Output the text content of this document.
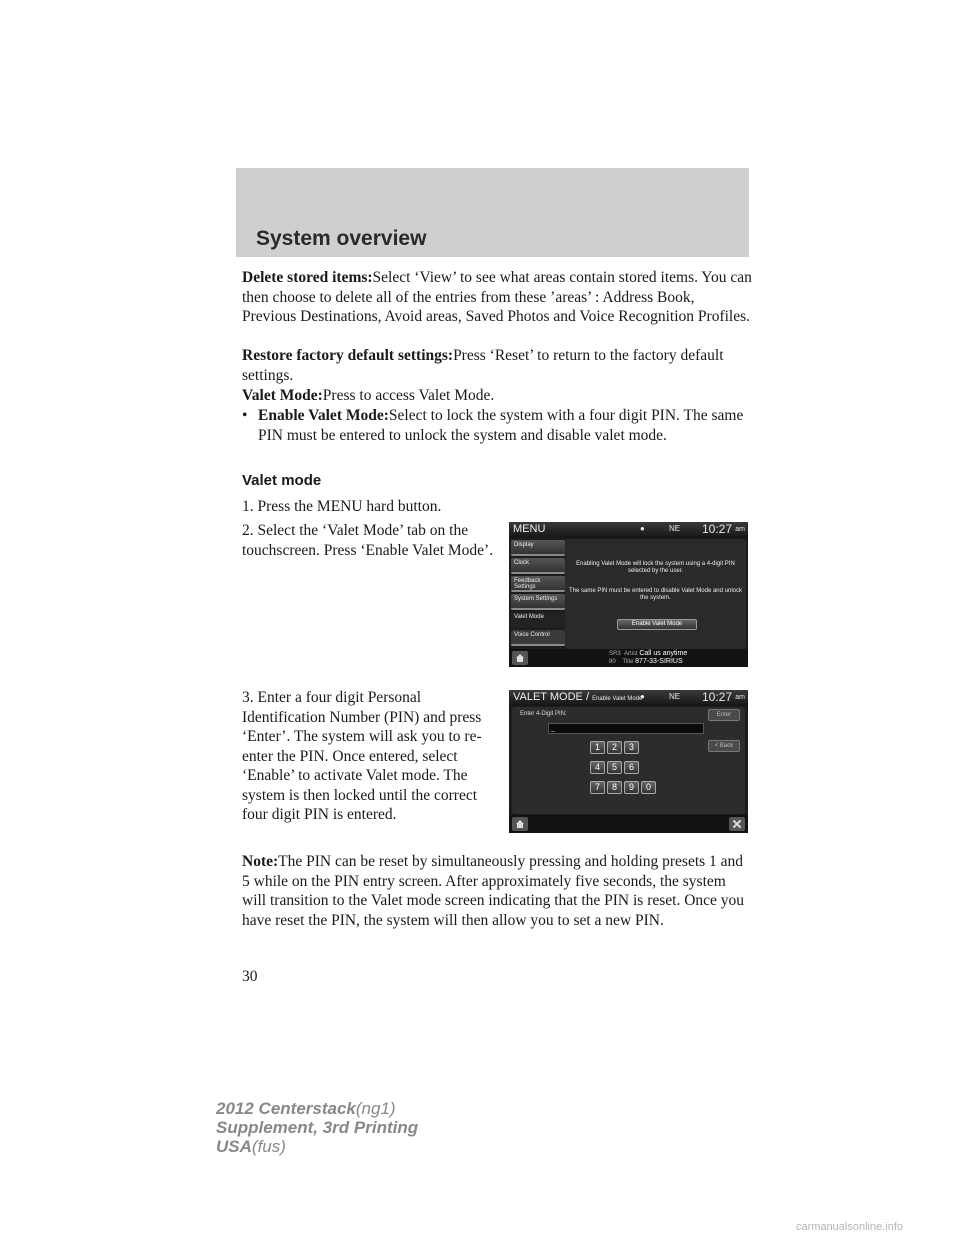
System overview
Delete stored items:Select ‘View’ to see what areas contain stored items. You can then choose to delete all of the entries from these ’areas’ : Address Book, Previous Destinations, Avoid areas, Saved Photos and Voice Recognition Profiles.
Restore factory default settings:Press ‘Reset’ to return to the factory default settings.
Valet Mode:Press to access Valet Mode.
• Enable Valet Mode:Select to lock the system with a four digit PIN. The same PIN must be entered to unlock the system and disable valet mode.
Valet mode
1. Press the MENU hard button.
2. Select the ‘Valet Mode’ tab on the touchscreen. Press ‘Enable Valet Mode’.
3. Enter a four digit Personal Identification Number (PIN) and press ‘Enter’. The system will ask you to re-enter the PIN. Once entered, select ‘Enable’ to activate Valet mode. The system is then locked until the correct four digit PIN is entered.
MENU	●	NE 10:27 am
Display
Clock
Feedback Settings
System Settings
Valet Mode
Voice Control
Enabling Valet Mode will lock the system using a 4-digit PIN selected by the user.
The same PIN must be entered to disable Valet Mode and unlock the system.
Enable Valet Mode
SR3 Artist Call us anytime
80 Title 877-33-SIRIUS
VALET MODE / Enable Valet Mode
●	NE 10:27 am
Enter 4-Digit PIN:
_
Enter
< Back
1	2	3
4	5	6
7	8	9	0
Note:The PIN can be reset by simultaneously pressing and holding presets 1 and 5 while on the PIN entry screen. After approximately five seconds, the system will transition to the Valet mode screen indicating that the PIN is reset. Once you have reset the PIN, the system will then allow you to set a new PIN.
30
2012 Centerstack(ng1)
Supplement, 3rd Printing
USA(fus)
carmanualsonline.info
